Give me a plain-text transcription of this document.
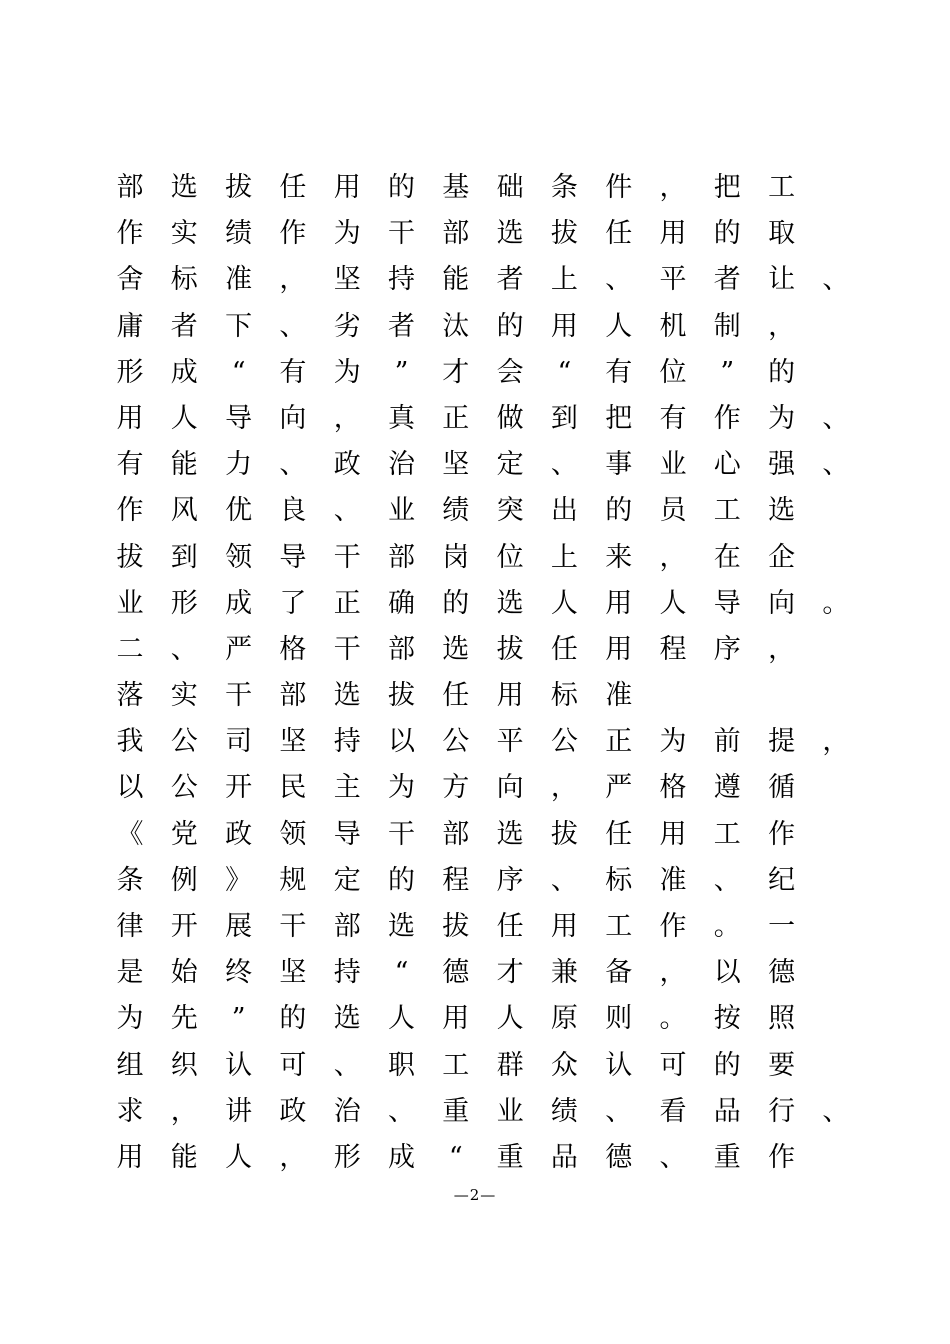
部 选 拔 任 用 的 基 础 条 件 ， 把 工
作 实 绩 作 为 干 部 选 拔 任 用 的 取
舍 标 准 ， 坚 持 能 者 上 、 平 者 让 、
庸 者 下 、 劣 者 汰 的 用 人 机 制 ，
形 成	“	有 为	”	才 会	“	有 位	”	的
用 人 导 向 ， 真 正 做 到 把 有 作 为 、
有 能 力 、 政 治 坚 定 、 事 业 心 强 、
作 风 优 良 、 业 绩 突 出 的 员 工 选
拔 到 领 导 干 部 岗 位 上 来 ， 在 企
业 形 成 了 正 确 的 选 人 用 人 导 向 。
二 、 严 格 干 部 选 拔 任 用 程 序 ，
落 实 干 部 选 拔 任 用 标 准
我 公 司 坚 持 以 公 平 公 正 为 前 提 ，
以 公 开 民 主 为 方 向 ， 严 格 遵 循
《 党 政 领 导 干 部 选 拔 任 用 工 作
条 例 》 规 定 的 程 序 、 标 准 、 纪
律 开 展 干 部 选 拔 任 用 工 作 。 一
是 始 终 坚 持	“	德 才 兼 备 ， 以 德
为 先	”	的 选 人 用 人 原 则 。 按 照
组 织 认 可 、 职 工 群 众 认 可 的 要
求 ， 讲 政 治 、 重 业 绩 、 看 品 行 、
用 能 人 ， 形 成	“	重 品 德 、 重 作
—2—
